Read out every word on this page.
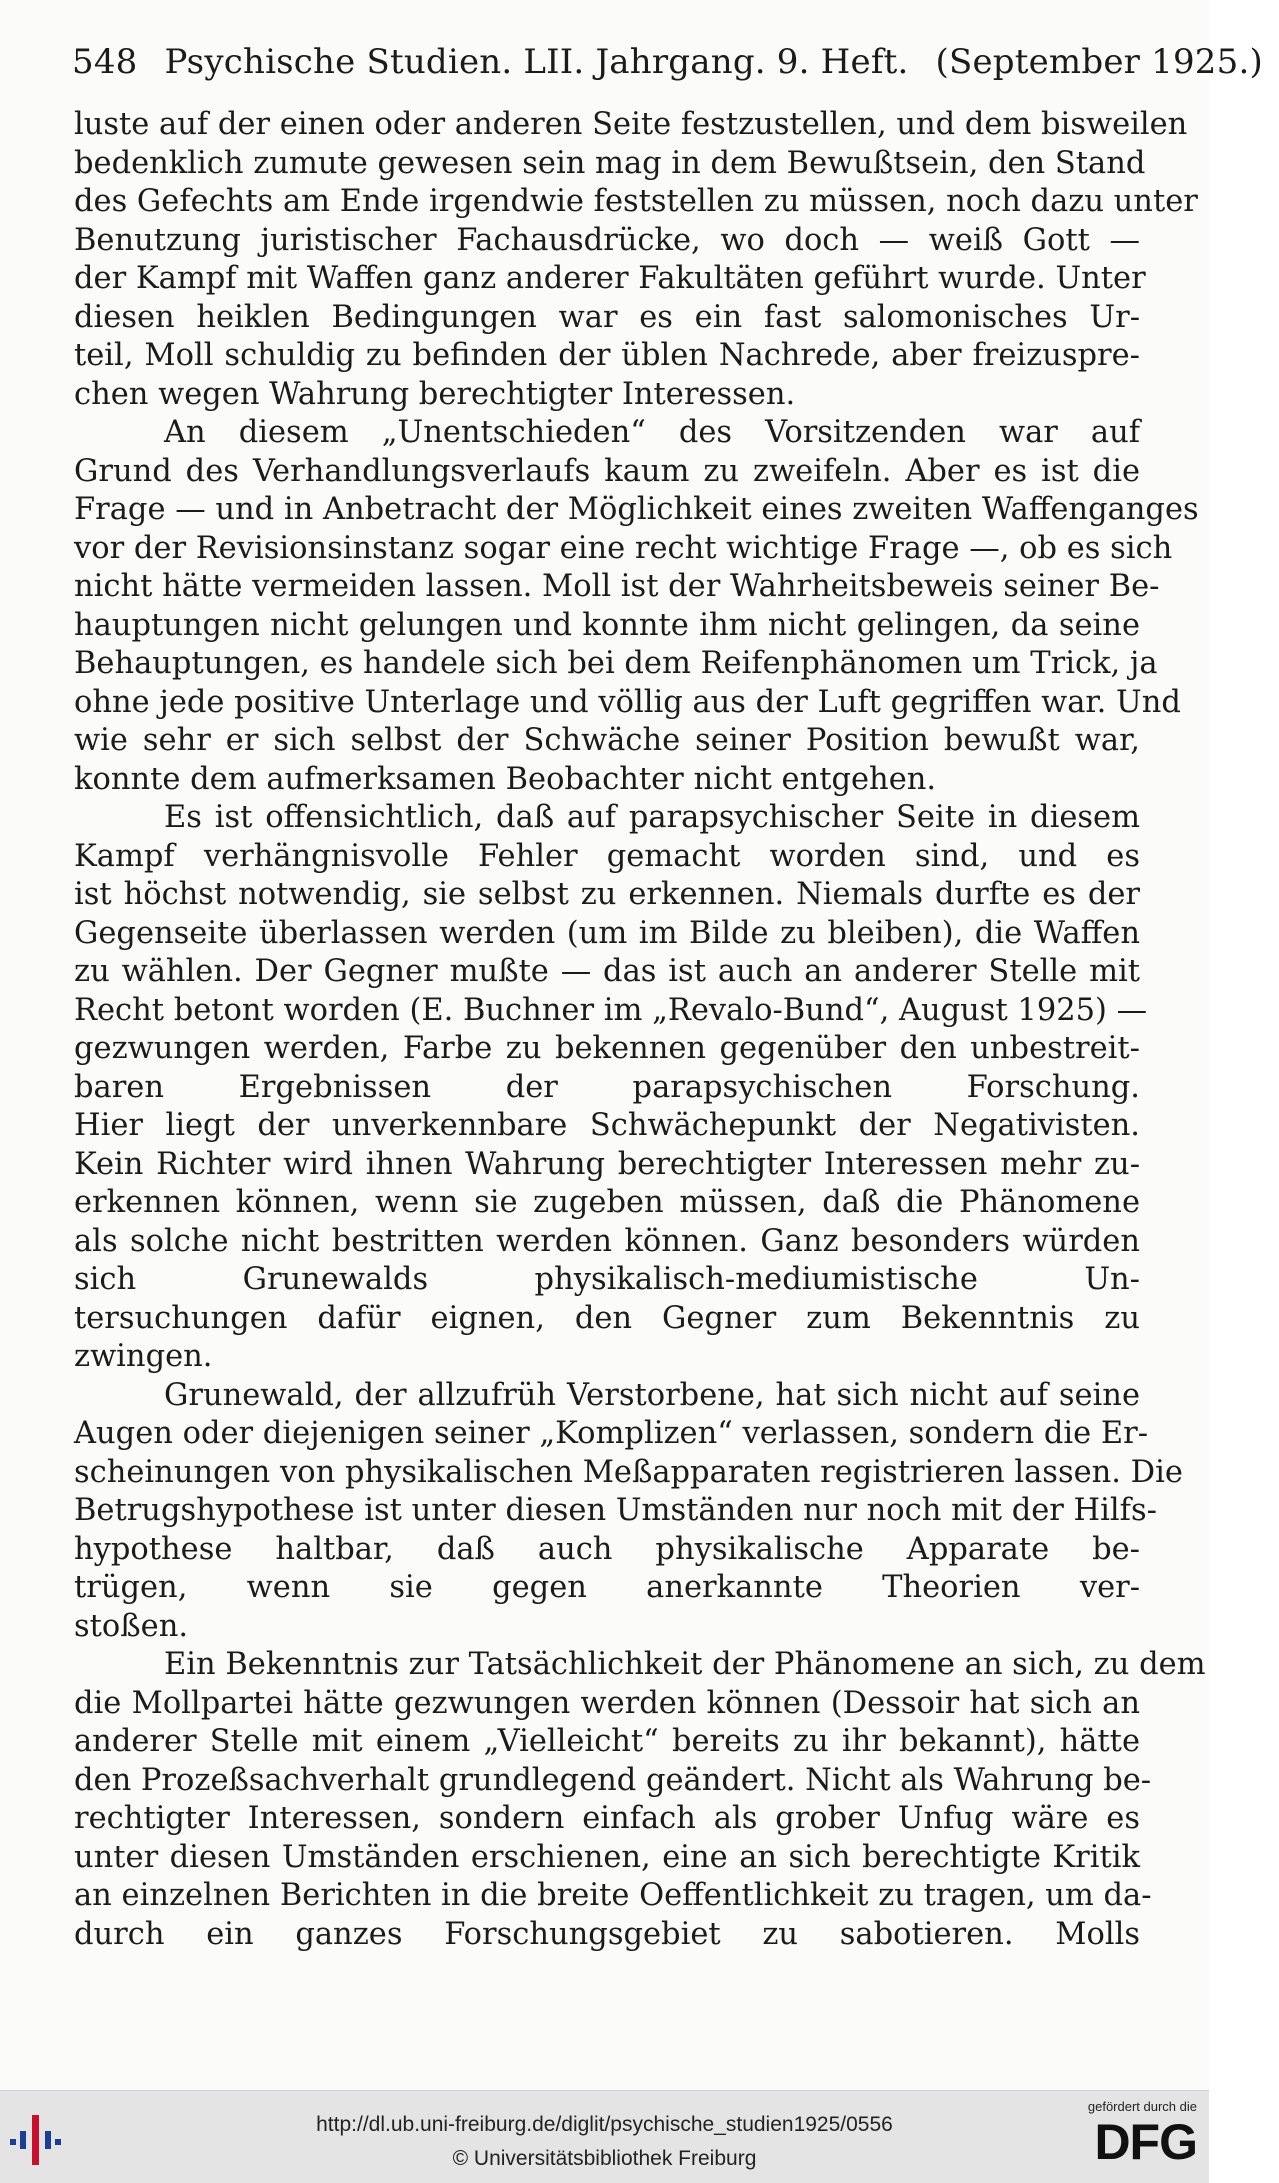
548 Psychische Studien. LII. Jahrgang. 9. Heft. (September 1925.)
luste auf der einen oder anderen Seite festzustellen, und dem bisweilen
bedenklich zumute gewesen sein mag in dem Bewußtsein, den Stand
des Gefechts am Ende irgendwie feststellen zu müssen, noch dazu unter
Benutzung juristischer Fachausdrücke, wo doch — weiß Gott —
der Kampf mit Waffen ganz anderer Fakultäten geführt wurde. Unter
diesen heiklen Bedingungen war es ein fast salomonisches Ur-
teil, Moll schuldig zu befinden der üblen Nachrede, aber freizuspre-
chen wegen Wahrung berechtigter Interessen.
An diesem „Unentschieden“ des Vorsitzenden war auf
Grund des Verhandlungsverlaufs kaum zu zweifeln. Aber es ist die
Frage — und in Anbetracht der Möglichkeit eines zweiten Waffenganges
vor der Revisionsinstanz sogar eine recht wichtige Frage —, ob es sich
nicht hätte vermeiden lassen. Moll ist der Wahrheitsbeweis seiner Be-
hauptungen nicht gelungen und konnte ihm nicht gelingen, da seine
Behauptungen, es handele sich bei dem Reifenphänomen um Trick, ja
ohne jede positive Unterlage und völlig aus der Luft gegriffen war. Und
wie sehr er sich selbst der Schwäche seiner Position bewußt war,
konnte dem aufmerksamen Beobachter nicht entgehen.
Es ist offensichtlich, daß auf parapsychischer Seite in diesem
Kampf verhängnisvolle Fehler gemacht worden sind, und es
ist höchst notwendig, sie selbst zu erkennen. Niemals durfte es der
Gegenseite überlassen werden (um im Bilde zu bleiben), die Waffen
zu wählen. Der Gegner mußte — das ist auch an anderer Stelle mit
Recht betont worden (E. Buchner im „Revalo-Bund“, August 1925) —
gezwungen werden, Farbe zu bekennen gegenüber den unbestreit-
baren Ergebnissen der parapsychischen Forschung.
Hier liegt der unverkennbare Schwächepunkt der Negativisten.
Kein Richter wird ihnen Wahrung berechtigter Interessen mehr zu-
erkennen können, wenn sie zugeben müssen, daß die Phänomene
als solche nicht bestritten werden können. Ganz besonders würden
sich Grunewalds physikalisch-mediumistische Un-
tersuchungen dafür eignen, den Gegner zum Bekenntnis zu
zwingen.
Grunewald, der allzufrüh Verstorbene, hat sich nicht auf seine
Augen oder diejenigen seiner „Komplizen“ verlassen, sondern die Er-
scheinungen von physikalischen Meßapparaten registrieren lassen. Die
Betrugshypothese ist unter diesen Umständen nur noch mit der Hilfs-
hypothese haltbar, daß auch physikalische Apparate be-
trügen, wenn sie gegen anerkannte Theorien ver-
stoßen.
Ein Bekenntnis zur Tatsächlichkeit der Phänomene an sich, zu dem
die Mollpartei hätte gezwungen werden können (Dessoir hat sich an
anderer Stelle mit einem „Vielleicht“ bereits zu ihr bekannt), hätte
den Prozeßsachverhalt grundlegend geändert. Nicht als Wahrung be-
rechtigter Interessen, sondern einfach als grober Unfug wäre es
unter diesen Umständen erschienen, eine an sich berechtigte Kritik
an einzelnen Berichten in die breite Oeffentlichkeit zu tragen, um da-
durch ein ganzes Forschungsgebiet zu sabotieren. Molls
http://dl.ub.uni-freiburg.de/diglit/psychische_studien1925/0556
© Universitätsbibliothek Freiburg
gefördert durch die
DFG
